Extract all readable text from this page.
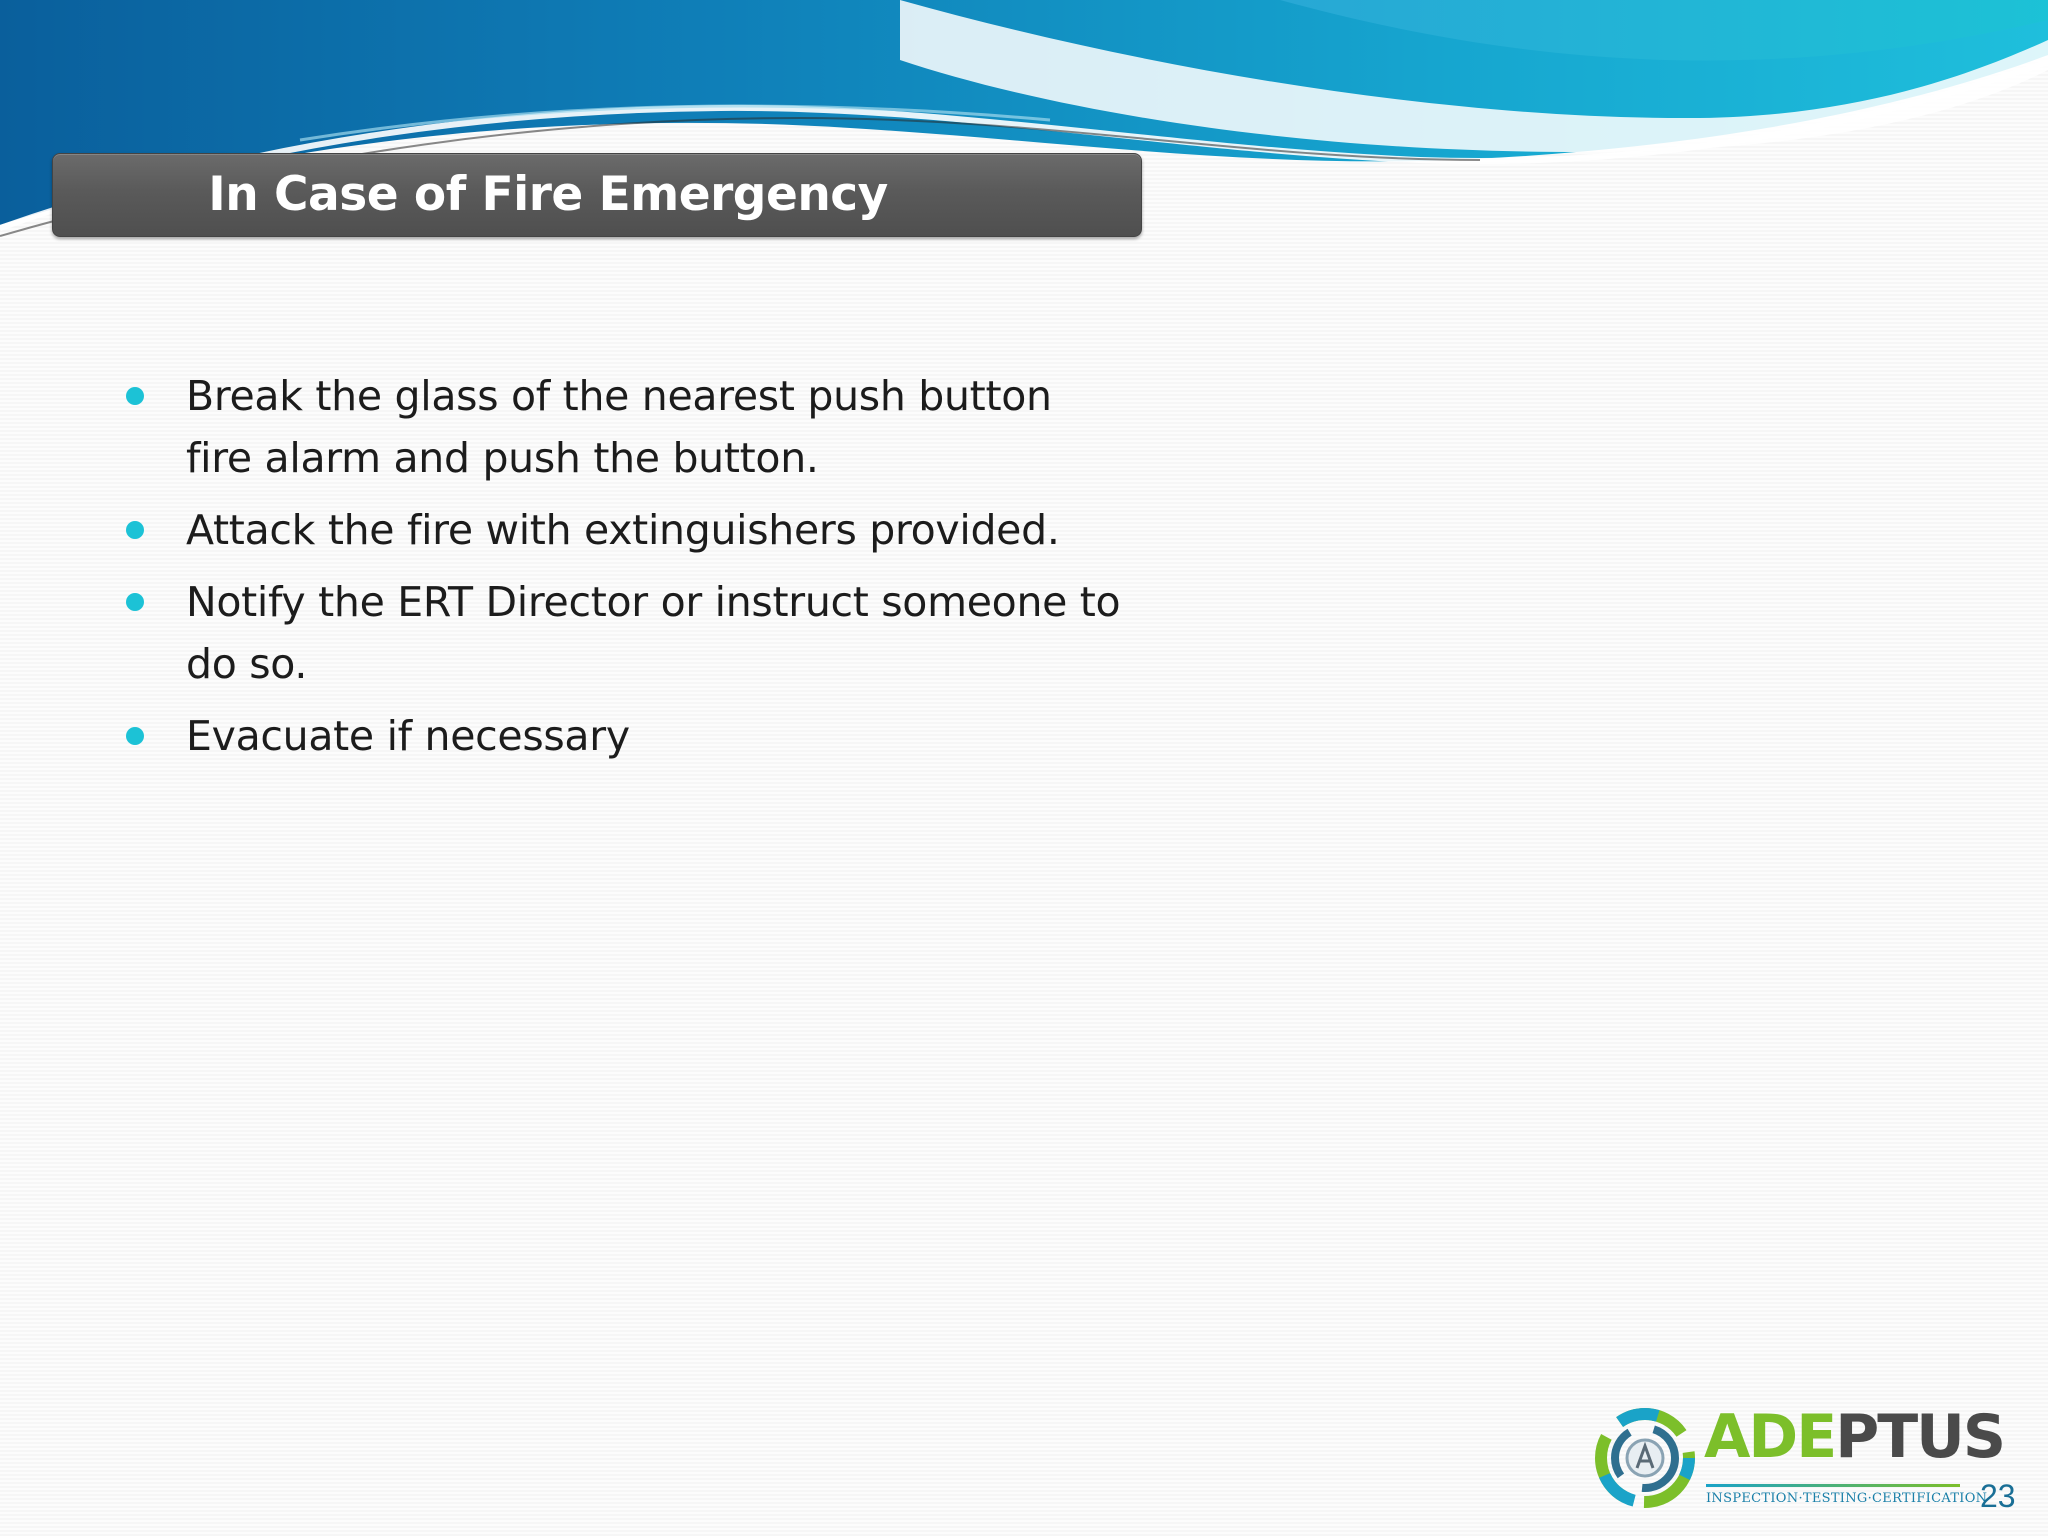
In Case of Fire Emergency
Break the glass of the nearest push button fire alarm and push the button.
Attack the fire with extinguishers provided.
Notify the ERT Director or instruct someone to do so.
Evacuate if necessary
ADEPTUS
INSPECTION·TESTING·CERTIFICATION
23
